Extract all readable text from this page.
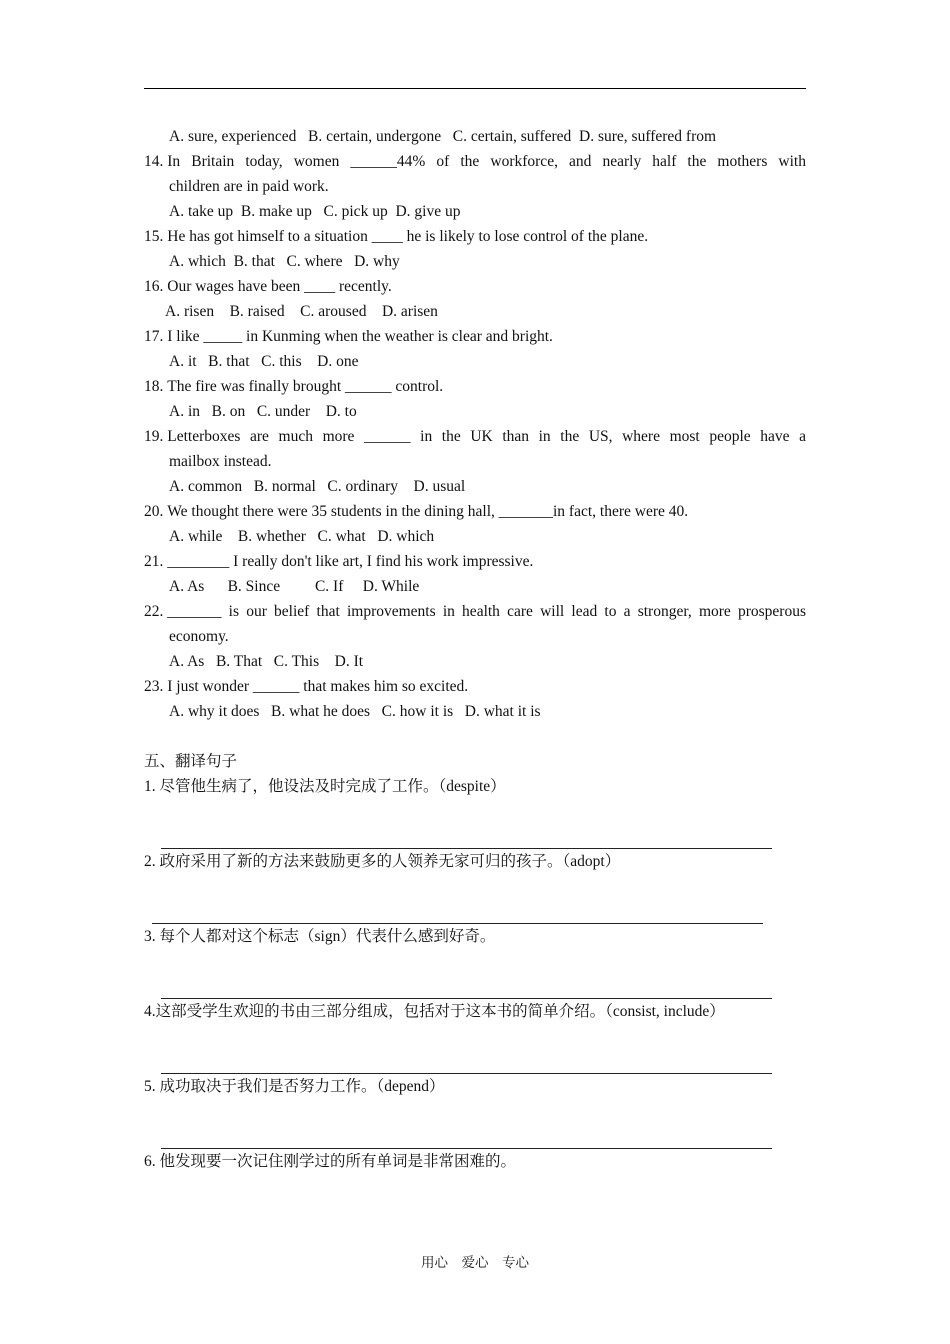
A. sure, experienced   B. certain, undergone   C. certain, suffered  D. sure, suffered from
14. In Britain today, women ______44% of the workforce, and nearly half the mothers with
children are in paid work.
A. take up  B. make up   C. pick up  D. give up
15. He has got himself to a situation ____ he is likely to lose control of the plane.
A. which  B. that   C. where   D. why
16. Our wages have been ____ recently.
A. risen    B. raised    C. aroused    D. arisen
17. I like _____ in Kunming when the weather is clear and bright.
A. it   B. that   C. this    D. one
18. The fire was finally brought ______ control.
A. in   B. on   C. under    D. to
19. Letterboxes are much more ______ in the UK than in the US, where most people have a
mailbox instead.
A. common   B. normal   C. ordinary    D. usual
20. We thought there were 35 students in the dining hall, _______in fact, there were 40.
A. while    B. whether   C. what   D. which
21. ________ I really don't like art, I find his work impressive.
A. As      B. Since         C. If     D. While
22. _______ is our belief that improvements in health care will lead to a stronger, more prosperous
economy.
A. As   B. That   C. This    D. It
23. I just wonder ______ that makes him so excited.
A. why it does   B. what he does   C. how it is   D. what it is
五、翻译句子
1. 尽管他生病了，他设法及时完成了工作。（despite）
2. 政府采用了新的方法来鼓励更多的人领养无家可归的孩子。（adopt）
3. 每个人都对这个标志（sign）代表什么感到好奇。
4.这部受学生欢迎的书由三部分组成，包括对于这本书的简单介绍。（consist, include）
5. 成功取决于我们是否努力工作。（depend）
6. 他发现要一次记住刚学过的所有单词是非常困难的。
用心    爱心    专心
